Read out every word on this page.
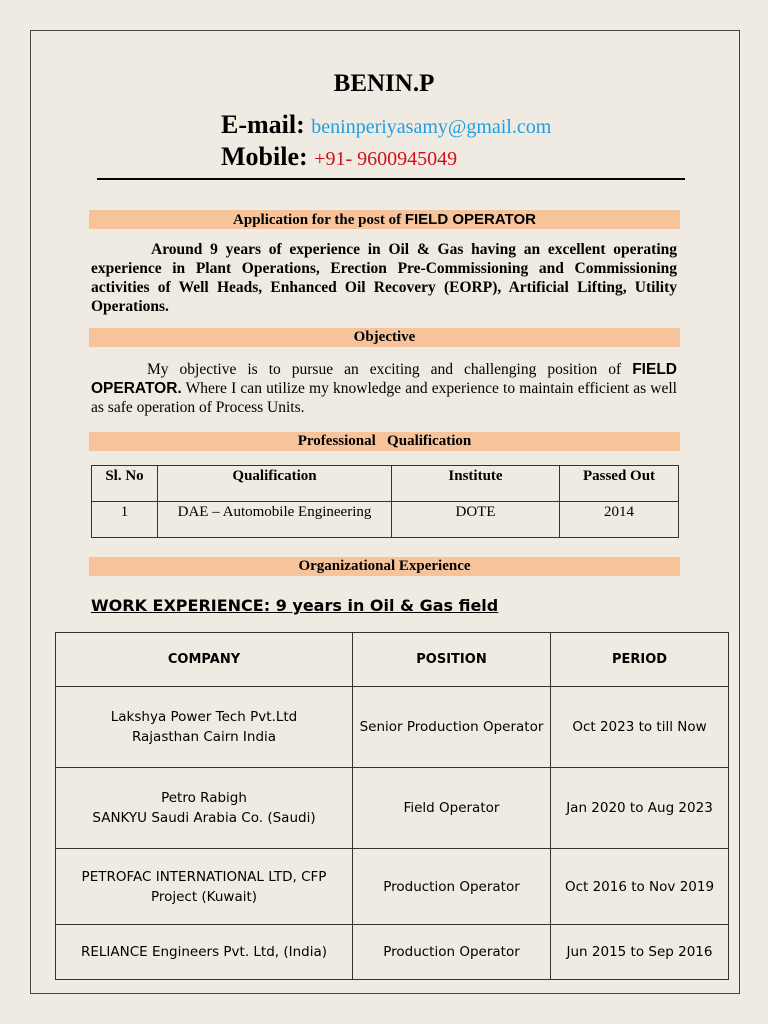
BENIN.P
E-mail: beninperiyasamy@gmail.com
Mobile: +91- 9600945049
Application for the post of FIELD OPERATOR
Around 9 years of experience in Oil & Gas having an excellent operating experience in Plant Operations, Erection Pre-Commissioning and Commissioning activities of Well Heads, Enhanced Oil Recovery (EORP), Artificial Lifting, Utility Operations.
Objective
My objective is to pursue an exciting and challenging position of FIELD OPERATOR. Where I can utilize my knowledge and experience to maintain efficient as well as safe operation of Process Units.
Professional   Qualification
Sl. No	Qualification	Institute	Passed Out
1	DAE – Automobile Engineering	DOTE	2014
Organizational Experience
WORK EXPERIENCE: 9 years in Oil & Gas field
COMPANY	POSITION	PERIOD

Lakshya Power Tech Pvt.Ltd
Rajasthan Cairn India	Senior Production Operator	Oct 2023 to till Now

Petro Rabigh
SANKYU Saudi Arabia Co. (Saudi)	Field Operator	Jan 2020 to Aug 2023

PETROFAC INTERNATIONAL LTD, CFP
Project (Kuwait)	Production Operator	Oct 2016 to Nov 2019

RELIANCE Engineers Pvt. Ltd, (India)	Production Operator	Jun 2015 to Sep 2016
